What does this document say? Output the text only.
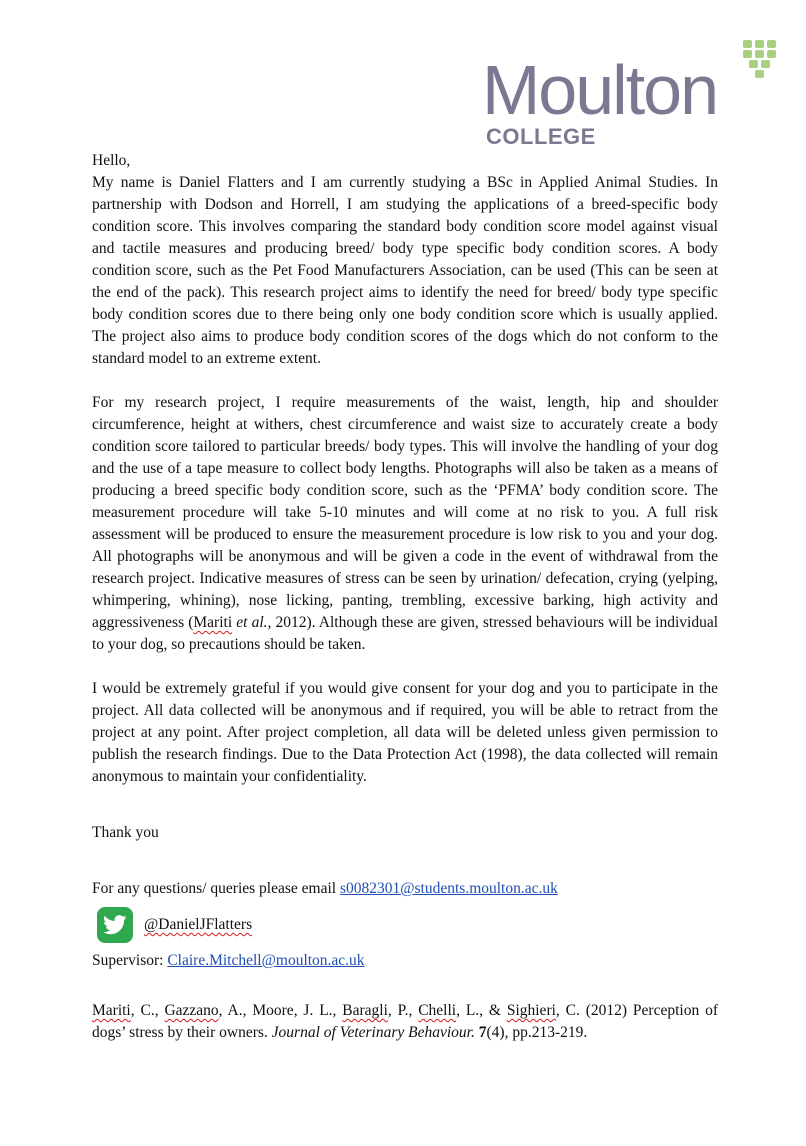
Moulton
COLLEGE

Hello,

My name is Daniel Flatters and I am currently studying a BSc in Applied Animal Studies. In partnership with Dodson and Horrell, I am studying the applications of a breed-specific body condition score. This involves comparing the standard body condition score model against visual and tactile measures and producing breed/ body type specific body condition scores. A body condition score, such as the Pet Food Manufacturers Association, can be used (This can be seen at the end of the pack). This research project aims to identify the need for breed/ body type specific body condition scores due to there being only one body condition score which is usually applied. The project also aims to produce body condition scores of the dogs which do not conform to the standard model to an extreme extent.

For my research project, I require measurements of the waist, length, hip and shoulder circumference, height at withers, chest circumference and waist size to accurately create a body condition score tailored to particular breeds/ body types. This will involve the handling of your dog and the use of a tape measure to collect body lengths. Photographs will also be taken as a means of producing a breed specific body condition score, such as the ‘PFMA’ body condition score. The measurement procedure will take 5-10 minutes and will come at no risk to you. A full risk assessment will be produced to ensure the measurement procedure is low risk to you and your dog. All photographs will be anonymous and will be given a code in the event of withdrawal from the research project. Indicative measures of stress can be seen by urination/ defecation, crying (yelping, whimpering, whining), nose licking, panting, trembling, excessive barking, high activity and aggressiveness (Mariti et al., 2012). Although these are given, stressed behaviours will be individual to your dog, so precautions should be taken.

I would be extremely grateful if you would give consent for your dog and you to participate in the project. All data collected will be anonymous and if required, you will be able to retract from the project at any point. After project completion, all data will be deleted unless given permission to publish the research findings. Due to the Data Protection Act (1998), the data collected will remain anonymous to maintain your confidentiality.

Thank you

For any questions/ queries please email s0082301@students.moulton.ac.uk

@DanielJFlatters

Supervisor: Claire.Mitchell@moulton.ac.uk

Mariti, C., Gazzano, A., Moore, J. L., Baragli, P., Chelli, L., & Sighieri, C. (2012) Perception of dogs’ stress by their owners. Journal of Veterinary Behaviour. 7(4), pp.213-219.
